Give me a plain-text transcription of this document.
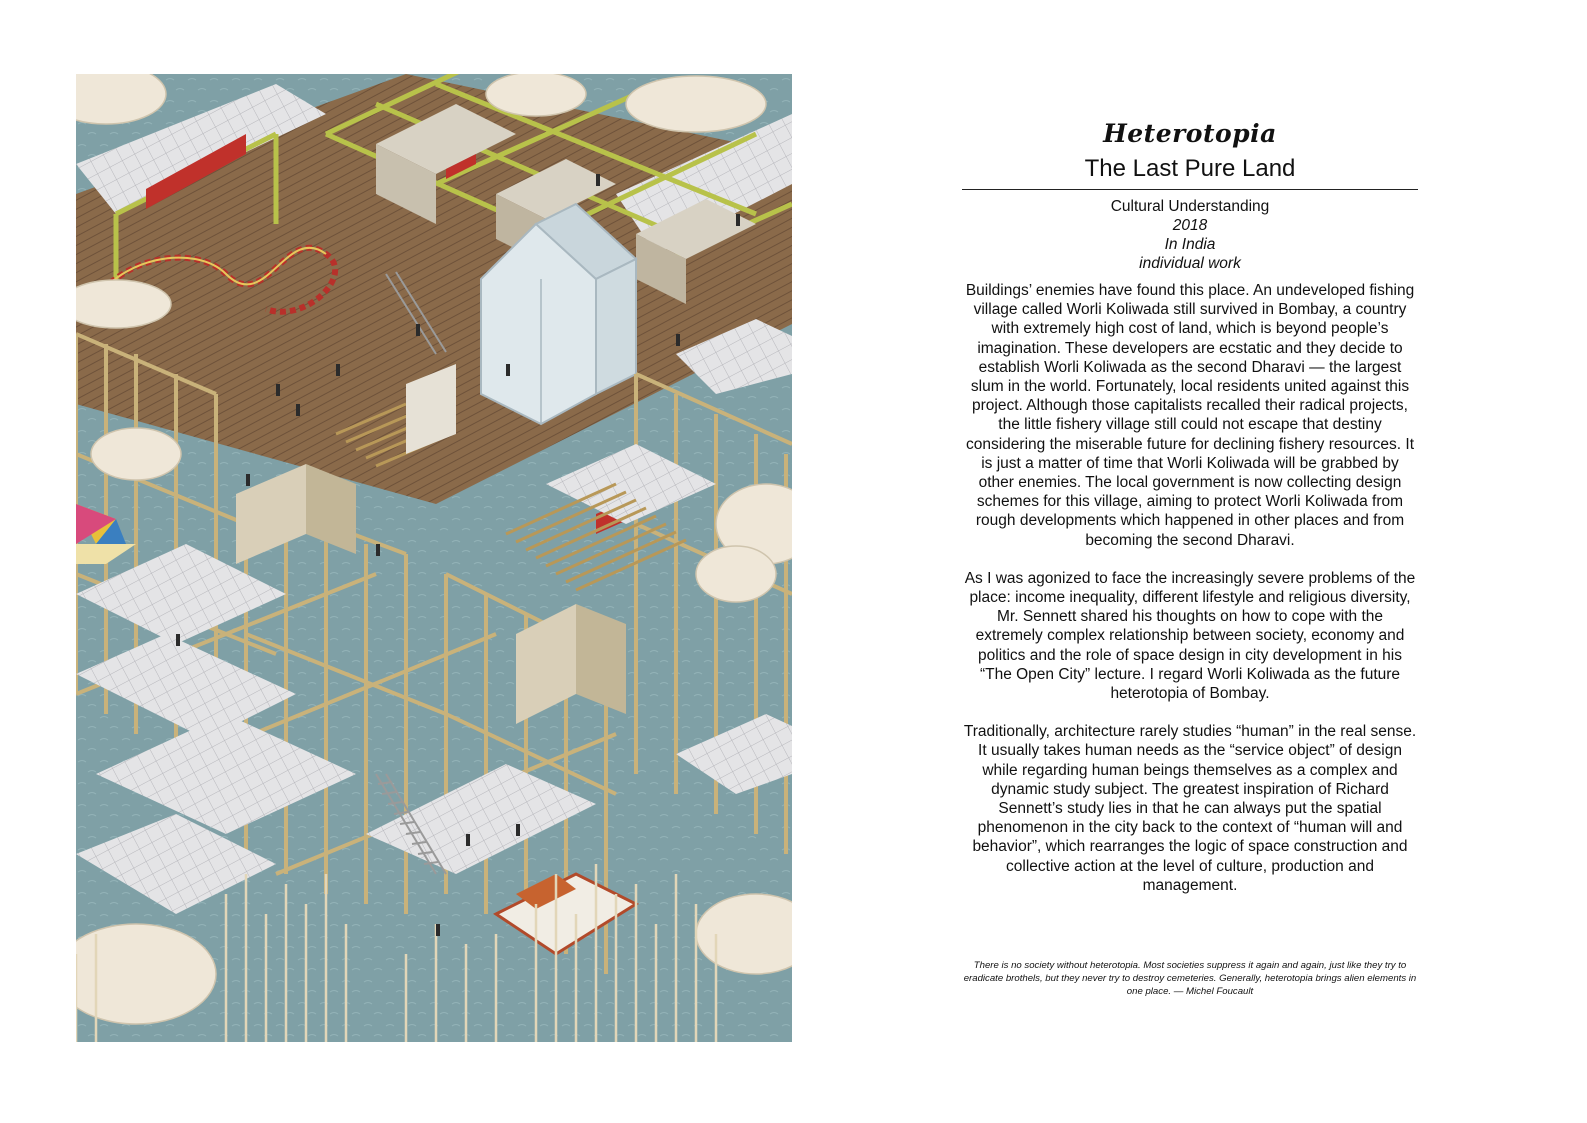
Heterotopia
The Last Pure Land
Cultural Understanding
2018
In India
individual work

Buildings’ enemies have found this place. An undeveloped fishing village called Worli Koliwada still survived in Bombay, a country with extremely high cost of land, which is beyond people’s imagination. These developers are ecstatic and they decide to establish Worli Koliwada as the second Dharavi — the largest slum in the world. Fortunately, local residents united against this project. Although those capitalists recalled their radical projects, the little fishery village still could not escape that destiny considering the miserable future for declining fishery resources. It is just a matter of time that Worli Koliwada will be grabbed by other enemies. The local government is now collecting design schemes for this village, aiming to protect Worli Koliwada from rough developments which happened in other places and from becoming the second Dharavi.

As I was agonized to face the increasingly severe problems of the place: income inequality, different lifestyle and religious diversity, Mr. Sennett shared his thoughts on how to cope with the extremely complex relationship between society, economy and politics and the role of space design in city development in his “The Open City” lecture. I regard Worli Koliwada as the future heterotopia of Bombay.

Traditionally, architecture rarely studies “human” in the real sense. It usually takes human needs as the “service object” of design while regarding human beings themselves as a complex and dynamic study subject. The greatest inspiration of Richard Sennett’s study lies in that he can always put the spatial phenomenon in the city back to the context of “human will and behavior”, which rearranges the logic of space construction and collective action at the level of culture, production and management.

There is no society without heterotopia. Most societies suppress it again and again, just like they try to eradicate brothels, but they never try to destroy cemeteries. Generally, heterotopia brings alien elements in one place. — Michel Foucault
